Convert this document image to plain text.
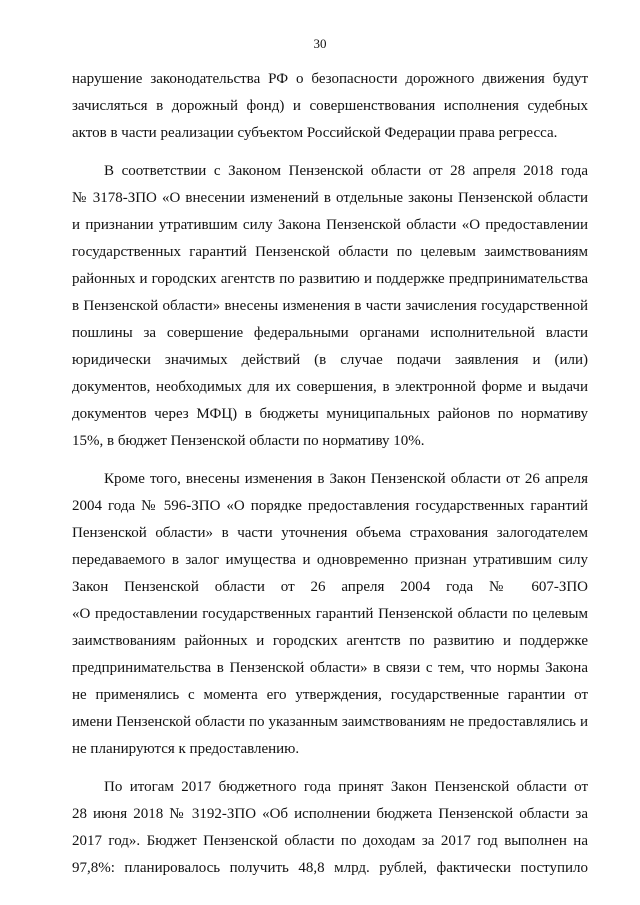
30
нарушение законодательства РФ о безопасности дорожного движения будут
зачисляться в дорожный фонд) и совершенствования исполнения судебных
актов в части реализации субъектом Российской Федерации права регресса.
В соответствии с Законом Пензенской области от 28 апреля 2018 года
№ 3178-ЗПО «О внесении изменений в отдельные законы Пензенской области
и признании утратившим силу Закона Пензенской области «О предоставлении
государственных гарантий Пензенской области по целевым заимствованиям
районных и городских агентств по развитию и поддержке предпринимательства
в Пензенской области» внесены изменения в части зачисления государственной
пошлины за совершение федеральными органами исполнительной власти
юридически значимых действий (в случае подачи заявления и (или)
документов, необходимых для их совершения, в электронной форме и выдачи
документов через МФЦ) в бюджеты муниципальных районов по нормативу
15%, в бюджет Пензенской области по нормативу 10%.
Кроме того, внесены изменения в Закон Пензенской области от 26 апреля
2004 года № 596-ЗПО «О порядке предоставления государственных гарантий
Пензенской области» в части уточнения объема страхования залогодателем
передаваемого в залог имущества и одновременно признан утратившим силу
Закон Пензенской области от 26 апреля 2004 года № 607-ЗПО
«О предоставлении государственных гарантий Пензенской области по целевым
заимствованиям районных и городских агентств по развитию и поддержке
предпринимательства в Пензенской области» в связи с тем, что нормы Закона
не применялись с момента его утверждения, государственные гарантии от
имени Пензенской области по указанным заимствованиям не предоставлялись и
не планируются к предоставлению.
По итогам 2017 бюджетного года принят Закон Пензенской области от
28 июня 2018 № 3192-ЗПО «Об исполнении бюджета Пензенской области за
2017 год». Бюджет Пензенской области по доходам за 2017 год выполнен на
97,8%: планировалось получить 48,8 млрд. рублей, фактически поступило
